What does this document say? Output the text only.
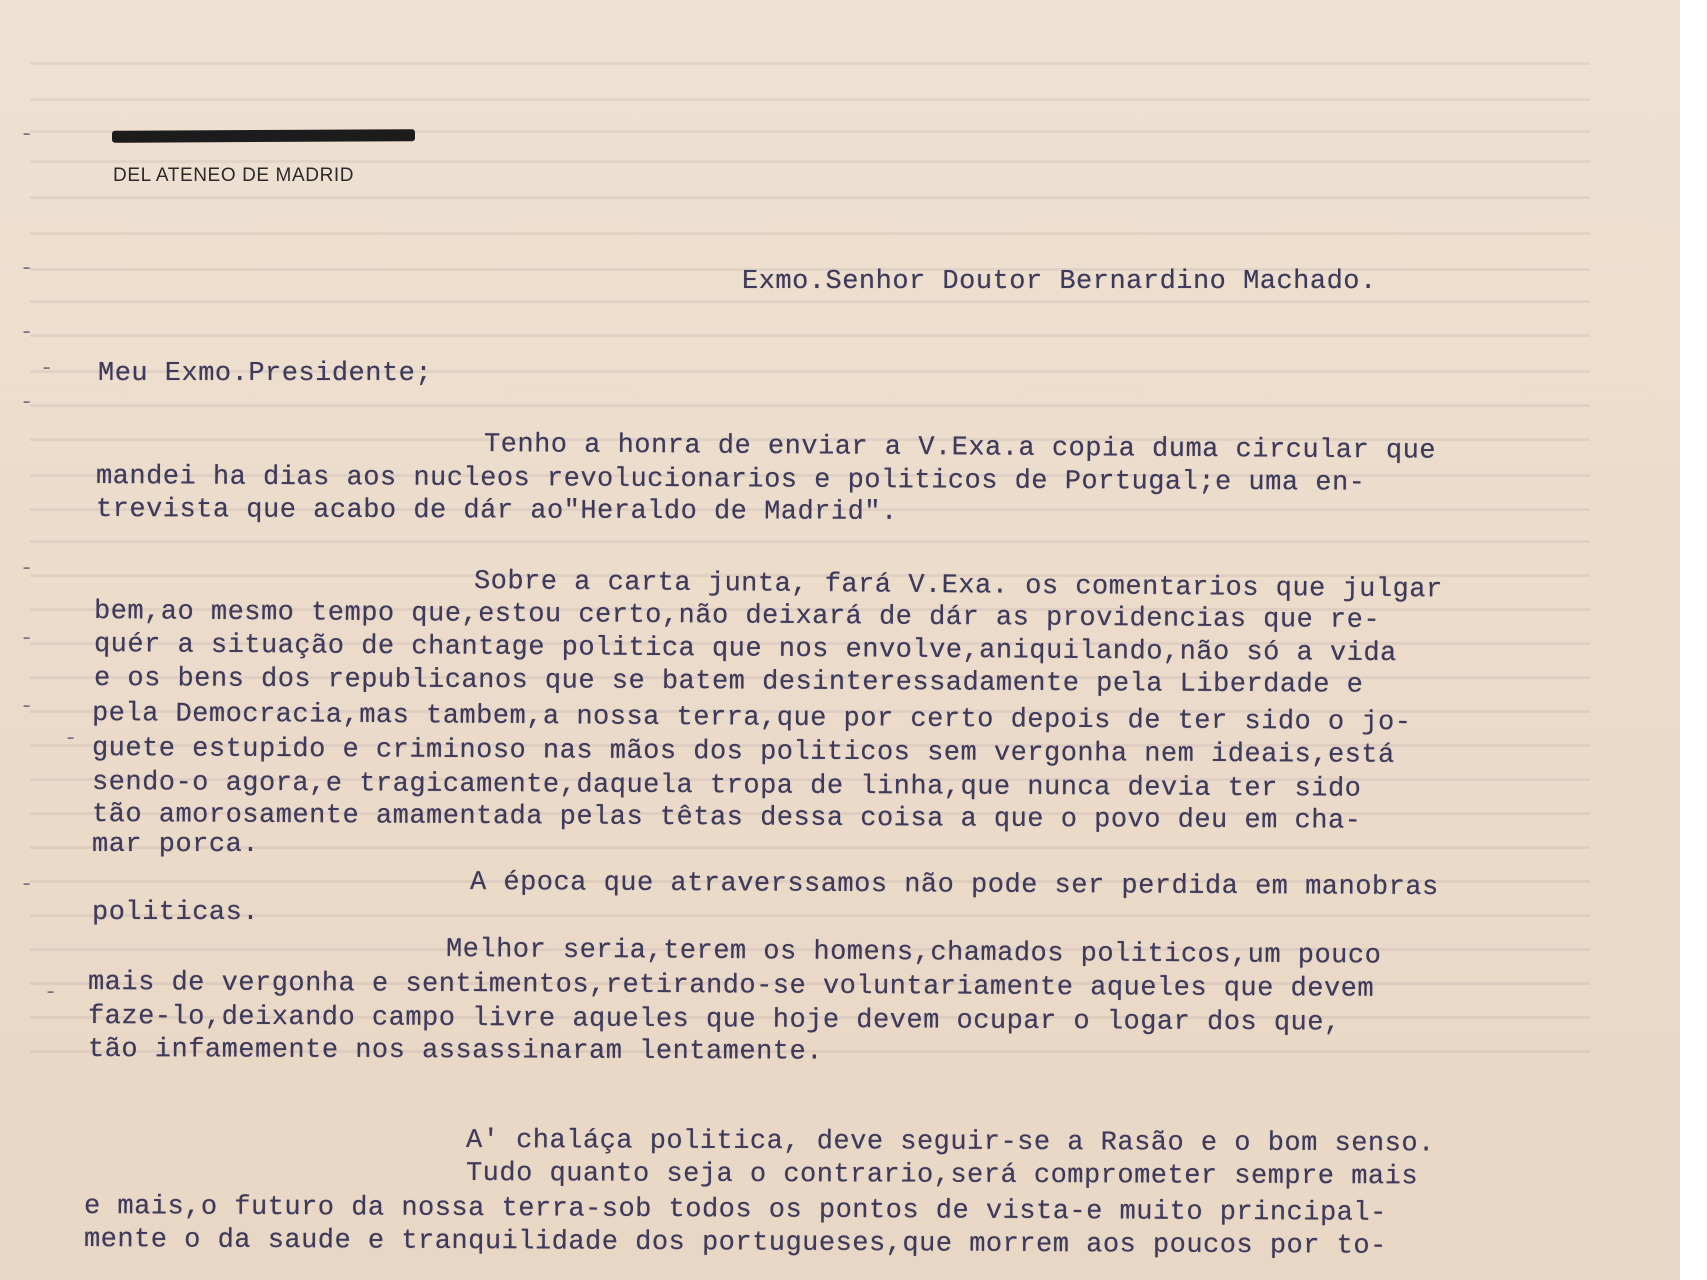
DEL ATENEO DE MADRID
-
-
-
-
-
-
-
-
-
-
-
Exmo.Senhor Doutor Bernardino Machado.
Meu Exmo.Presidente;
Tenho a honra de enviar a V.Exa.a copia duma circular que
mandei ha dias aos nucleos revolucionarios e politicos de Portugal;e uma en-
trevista que acabo de dár ao"Heraldo de Madrid".
Sobre a carta junta, fará V.Exa. os comentarios que julgar
bem,ao mesmo tempo que,estou certo,não deixará de dár as providencias que re-
quér a situação de chantage politica que nos envolve,aniquilando,não só a vida
e os bens dos republicanos que se batem desinteressadamente pela Liberdade e
pela Democracia,mas tambem,a nossa terra,que por certo depois de ter sido o jo-
guete estupido e criminoso nas mãos dos politicos sem vergonha nem ideais,está
sendo-o agora,e tragicamente,daquela tropa de linha,que nunca devia ter sido
tão amorosamente amamentada pelas têtas dessa coisa a que o povo deu em cha-
mar porca.
A época que atraverssamos não pode ser perdida em manobras
politicas.
Melhor seria,terem os homens,chamados politicos,um pouco
mais de vergonha e sentimentos,retirando-se voluntariamente aqueles que devem
faze-lo,deixando campo livre aqueles que hoje devem ocupar o logar dos que,
tão infamemente nos assassinaram lentamente.
A' chaláça politica, deve seguir-se a Rasão e o bom senso.
Tudo quanto seja o contrario,será comprometer sempre mais
e mais,o futuro da nossa terra-sob todos os pontos de vista-e muito principal-
mente o da saude e tranquilidade dos portugueses,que morrem aos poucos por to-
